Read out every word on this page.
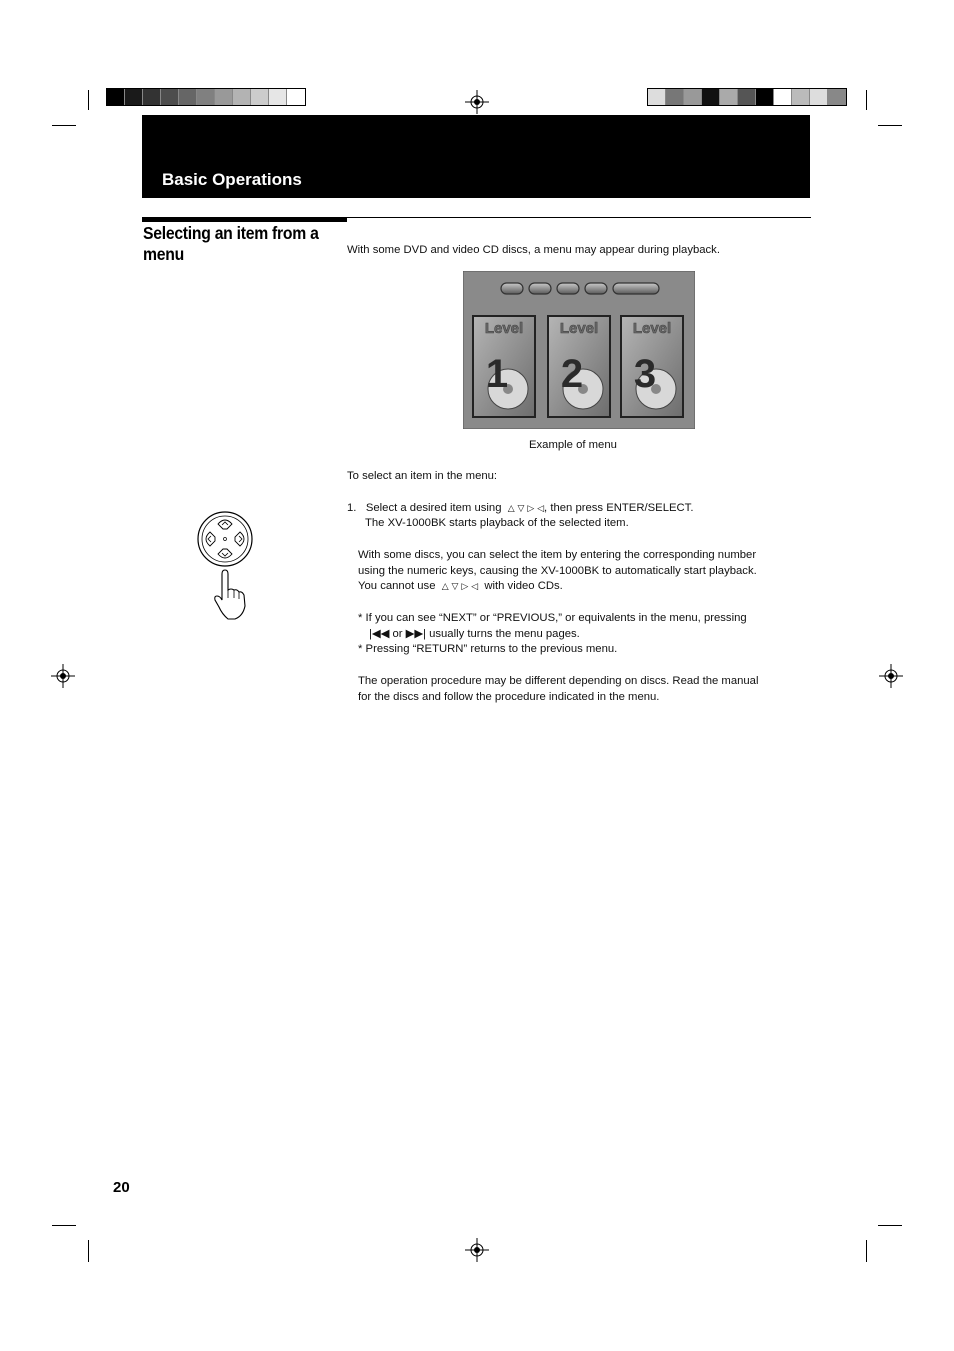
Basic Operations
Selecting an item from a menu	With some DVD and video CD discs, a menu may appear during playback.
Level
1
Level
2
Level
3
Example of menu
To select an item in the menu:
1. Select a desired item using △ ▽ ▷ ◁, then press ENTER/SELECT.
The XV-1000BK starts playback of the selected item.
With some discs, you can select the item by entering the corresponding number
using the numeric keys, causing the XV-1000BK to automatically start playback.
You cannot use △ ▽ ▷ ◁ with video CDs.
* If you can see “NEXT” or “PREVIOUS,” or equivalents in the menu, pressing
|◀◀ or ▶▶| usually turns the menu pages.
* Pressing “RETURN” returns to the previous menu.
The operation procedure may be different depending on discs. Read the manual
for the discs and follow the procedure indicated in the menu.
20
